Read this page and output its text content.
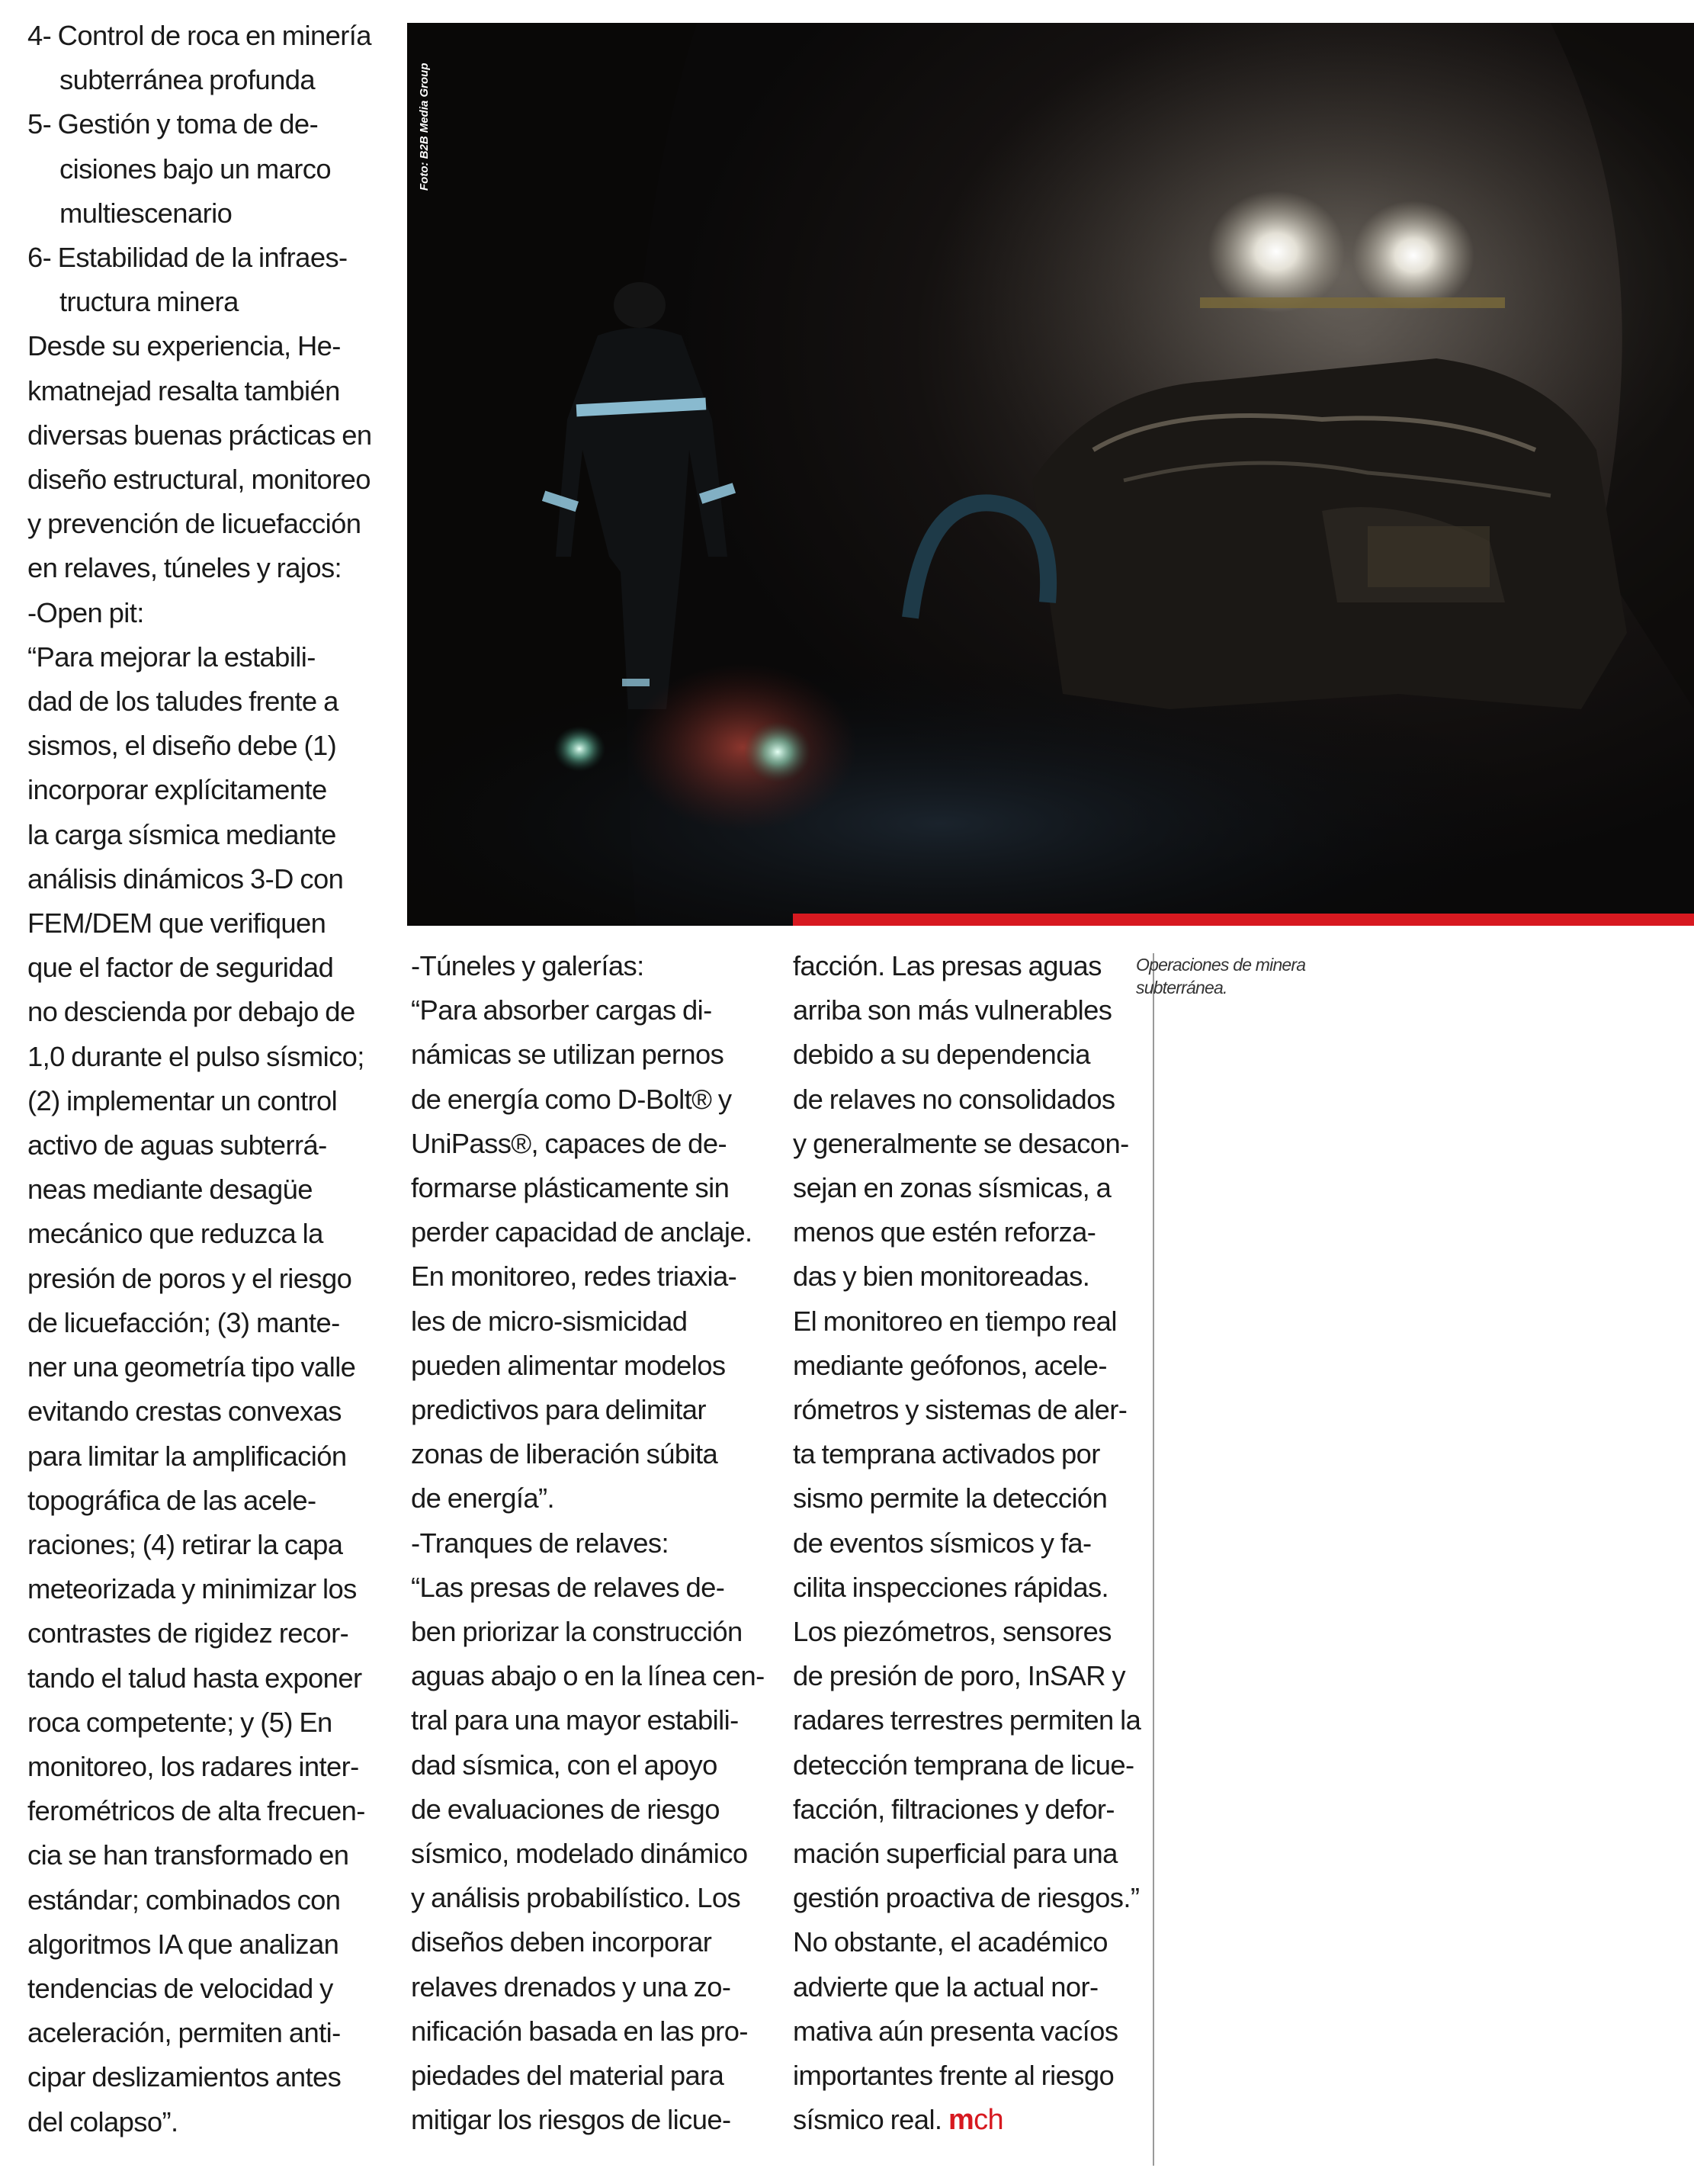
4- Control de roca en minería

subterránea profunda

5- Gestión y toma de de-

cisiones bajo un marco

multiescenario

6- Estabilidad de la infraes-

tructura minera

Desde su experiencia, He-

kmatnejad resalta también

diversas buenas prácticas en

diseño estructural, monitoreo

y prevención de licuefacción

en relaves, túneles y rajos:

-Open pit:

“Para mejorar la estabili-

dad de los taludes frente a

sismos, el diseño debe (1)

incorporar explícitamente

la carga sísmica mediante

análisis dinámicos 3-D con

FEM/DEM que verifiquen

que el factor de seguridad

no descienda por debajo de

1,0 durante el pulso sísmico;

(2) implementar un control

activo de aguas subterrá-

neas mediante desagüe

mecánico que reduzca la

presión de poros y el riesgo

de licuefacción; (3) mante-

ner una geometría tipo valle

evitando crestas convexas

para limitar la amplificación

topográfica de las acele-

raciones; (4) retirar la capa

meteorizada y minimizar los

contrastes de rigidez recor-

tando el talud hasta exponer

roca competente; y (5) En

monitoreo, los radares inter-

ferométricos de alta frecuen-

cia se han transformado en

estándar; combinados con

algoritmos IA que analizan

tendencias de velocidad y

aceleración, permiten anti-

cipar deslizamientos antes

del colapso”.

Foto: B2B Media Group

-Túneles y galerías:

“Para absorber cargas di-

námicas se utilizan pernos

de energía como D-Bolt® y

UniPass®, capaces de de-

formarse plásticamente sin

perder capacidad de anclaje.

En monitoreo, redes triaxia-

les de micro-sismicidad

pueden alimentar modelos

predictivos para delimitar

zonas de liberación súbita

de energía”.

-Tranques de relaves:

“Las presas de relaves de-

ben priorizar la construcción

aguas abajo o en la línea cen-

tral para una mayor estabili-

dad sísmica, con el apoyo

de evaluaciones de riesgo

sísmico, modelado dinámico

y análisis probabilístico. Los

diseños deben incorporar

relaves drenados y una zo-

nificación basada en las pro-

piedades del material para

mitigar los riesgos de licue-

facción. Las presas aguas

arriba son más vulnerables

debido a su dependencia

de relaves no consolidados

y generalmente se desacon-

sejan en zonas sísmicas, a

menos que estén reforza-

das y bien monitoreadas.

El monitoreo en tiempo real

mediante geófonos, acele-

rómetros y sistemas de aler-

ta temprana activados por

sismo permite la detección

de eventos sísmicos y fa-

cilita inspecciones rápidas.

Los piezómetros, sensores

de presión de poro, InSAR y

radares terrestres permiten la

detección temprana de licue-

facción, filtraciones y defor-

mación superficial para una

gestión proactiva de riesgos.”

No obstante, el académico

advierte que la actual nor-

mativa aún presenta vacíos

importantes frente al riesgo

sísmico real. mch

Operaciones de minera

subterránea.
